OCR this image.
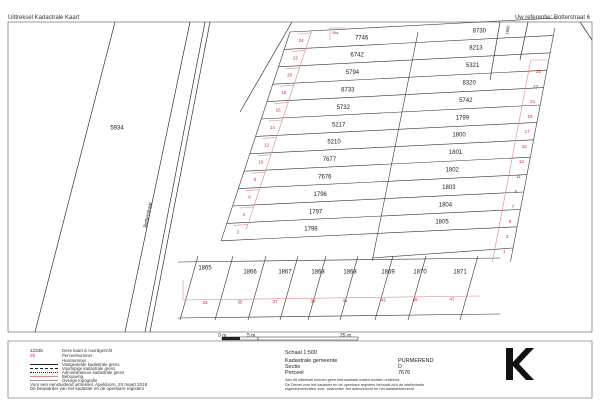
Uittreksel Kadastrale Kaart	Uw referentie: Botterstraat 6
7746
24
8730
6742
22
8213
5794
20
5321
8733
18
8320
5732
16
5742
5217
14
1799
5210
12
1800
7677
10
1801
7676
8
1802
1796
6
1803
1797
4
1804
1798
2
1805
25
23
21
19
17
15
13
11
9
7
5
3
1
1865
1866	1867	1868	1868	1869	1870	1871
33	35	37	39	41	43	45	47
5934
Botterstraat
1895
39a
0 m	5 m	25 m
12345	Deze kaart is noordgericht
25	Perceelnummer
Huisnummer
Vastgestelde kadastrale grens
Voorlopige kadastrale grens
Administratieve kadastrale grens
Bebouwing
Overige topografie
Voor een eensluidend uittreksel, Apeldoorn, 20 maart 2018
De bewaarder van het kadaster en de openbare registers
Schaal 1:500
Kadastrale gemeente	PURMEREND
Sectie	D
Perceel	7676
Aan dit uittreksel kunnen geen betrouwbare maten worden ontleend.
De Dienst voor het kadaster en de openbare registers behoudt zich de intellectuele
eigendomsrechten voor, waaronder het auteursrecht en het databankenrecht.
